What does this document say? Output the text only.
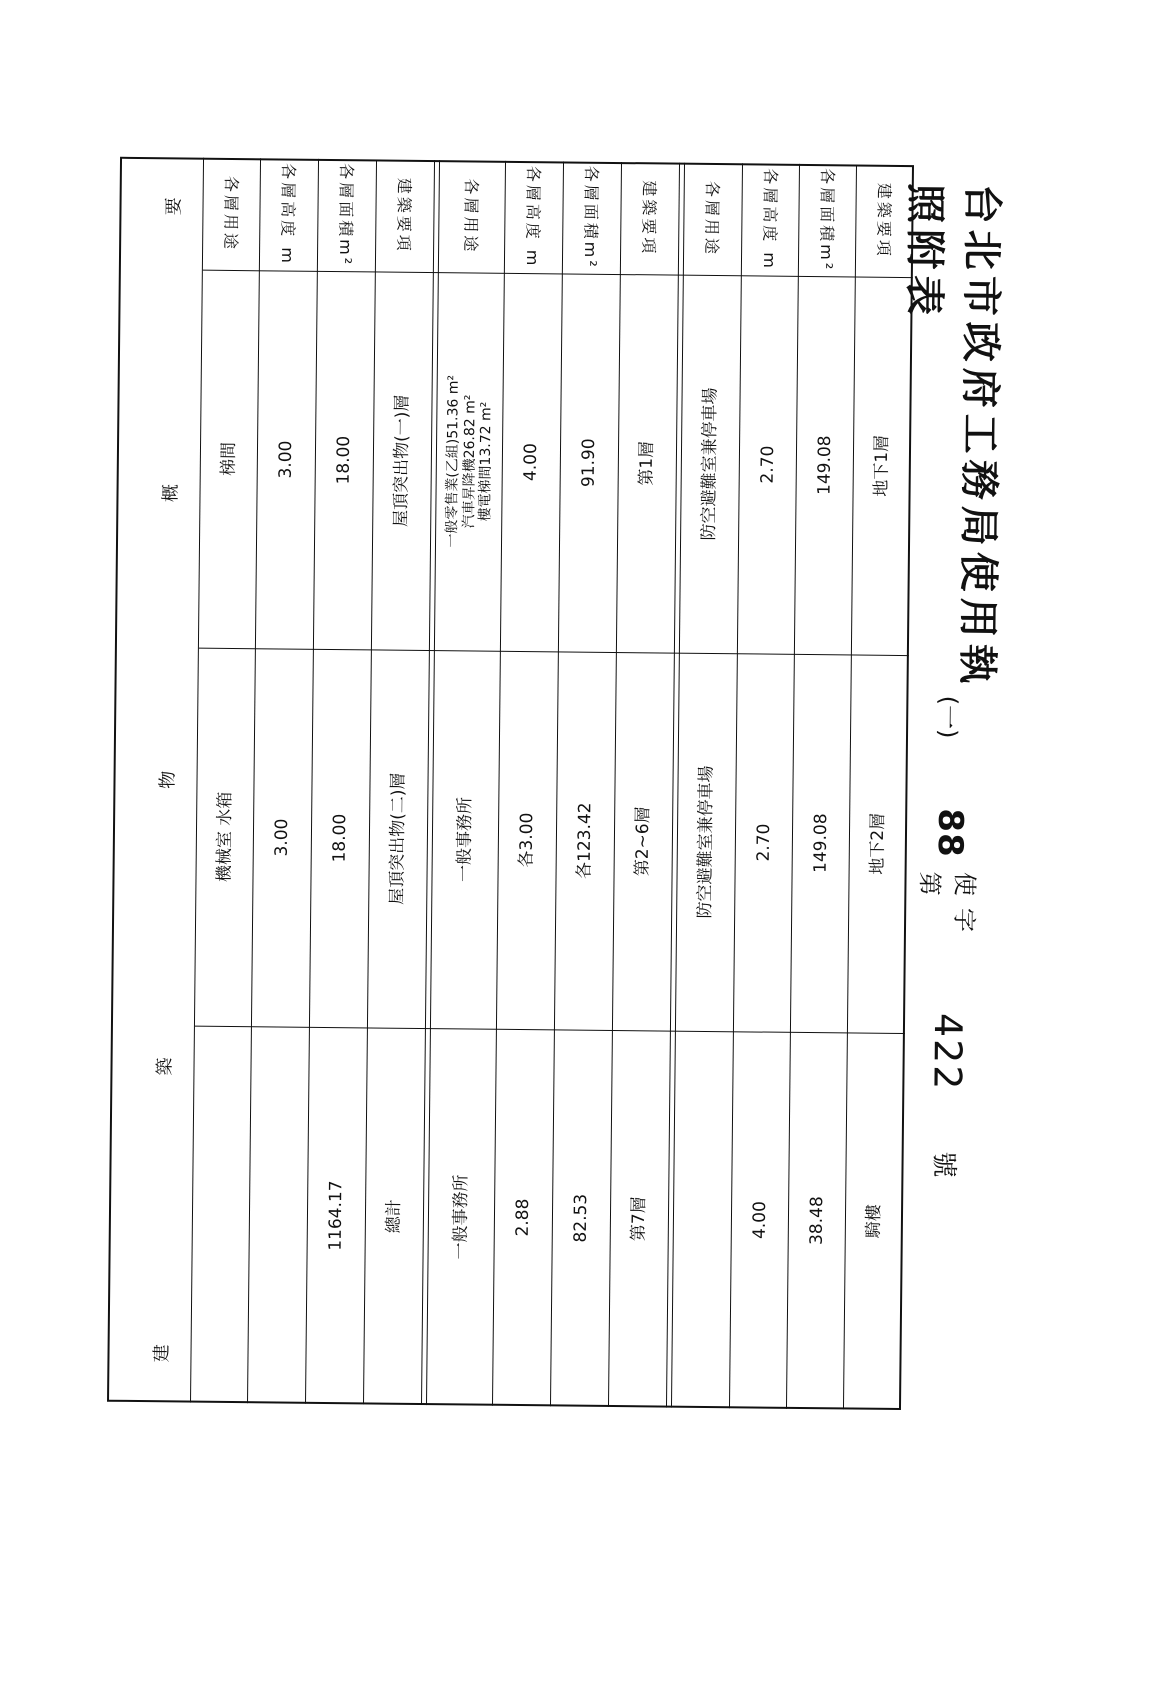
台北市政府工務局使用執照附表
(一)
88
使字第
422
號
建
築
物
概
要	建築要項
各層面積m²
各層高度 m
各層用途
地下1層
149.08
2.70
防空避難室兼停車場
地下2層
149.08
2.70
防空避難室兼停車場
騎樓
38.48
4.00
建築要項
各層面積m²
各層高度 m
各層用途
第1層
91.90
4.00
一般零售業(乙組)51.36 m² 汽車昇降機26.82 m² 樓電梯間13.72 m²
第2~6層
各123.42
各3.00
一般事務所
第7層
82.53
2.88
一般事務所
建築要項
各層面積m²
各層高度 m
各層用途
屋頂突出物(一)層
18.00
3.00
梯間
屋頂突出物(二)層
18.00
3.00
機械室 水箱
總計
1164.17
